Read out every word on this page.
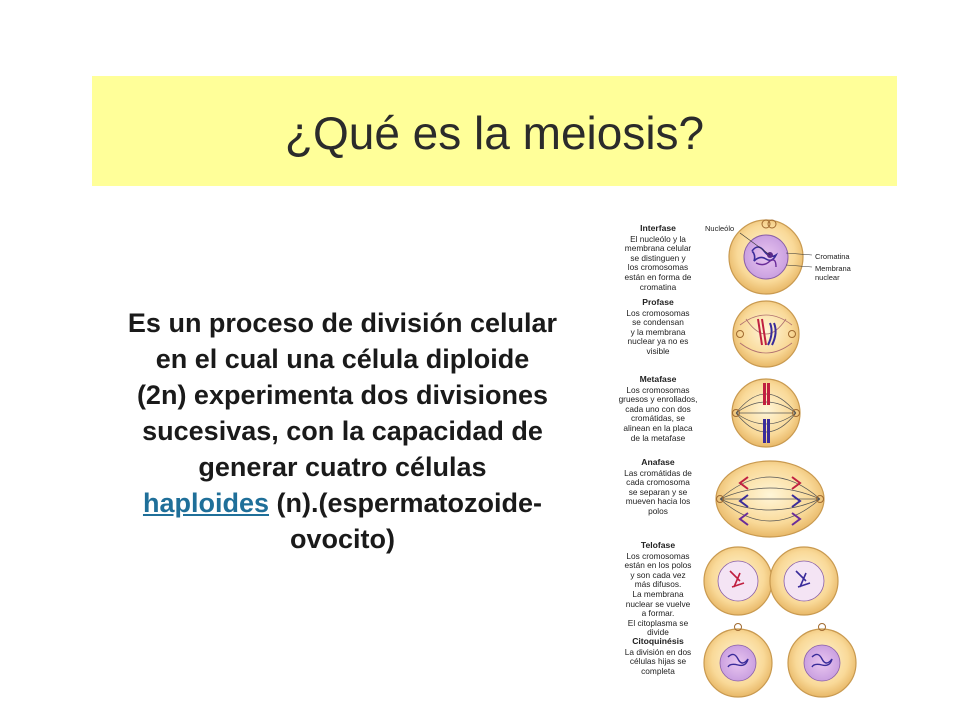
¿Qué es la meiosis?
Es un proceso de división celular
en el cual una célula diploide
(2n) experimenta dos divisiones
sucesivas, con la capacidad de
generar cuatro células
haploides (n).(espermatozoide-
ovocito)
Interfase
El nucleólo y la
membrana celular
se distinguen y
los cromosomas
están en forma de
cromatina
Profase
Los cromosomas
se condensan
y la membrana
nuclear ya no es
visible
Metafase
Los cromosomas
gruesos y enrollados,
cada uno con dos
cromátidas, se
alinean en la placa
de la metafase
Anafase
Las cromátidas de
cada cromosoma
se separan y se
mueven hacia los
polos
Telofase
Los cromosomas
están en los polos
y son cada vez
más difusos.
La membrana
nuclear se vuelve
a formar.
El citoplasma se
divide
Citoquinésis
La división en dos
células hijas se
completa
Nucleólo
Cromatina
Membrana
nuclear
